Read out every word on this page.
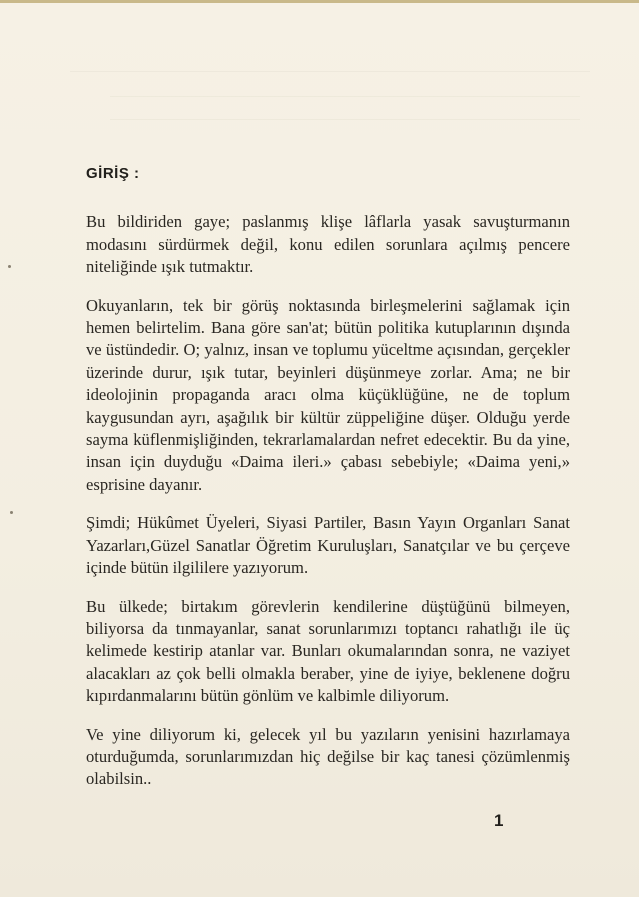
GİRİŞ :

Bu bildiriden gaye; paslanmış klişe lâflarla yasak savuşturmanın modasını sürdürmek değil, konu edilen sorunlara açılmış pencere niteliğinde ışık tutmaktır.

Okuyanların, tek bir görüş noktasında birleşmelerini sağlamak için hemen belirtelim. Bana göre san'at; bütün politika kutuplarının dışında ve üstündedir. O; yalnız, insan ve toplumu yüceltme açısından, gerçekler üzerinde durur, ışık tutar, beyinleri düşünmeye zorlar. Ama; ne bir ideolojinin propaganda aracı olma küçüklüğüne, ne de toplum kaygusundan ayrı, aşağılık bir kültür züppeliğine düşer. Olduğu yerde sayma küflenmişliğinden, tekrarlamalardan nefret edecektir. Bu da yine, insan için duyduğu «Daima ileri.» çabası sebebiyle; «Daima yeni,» esprisine dayanır.

Şimdi; Hükûmet Üyeleri, Siyasi Partiler, Basın Yayın Organları Sanat Yazarları,Güzel Sanatlar Öğretim Kuruluşları, Sanatçılar ve bu çerçeve içinde bütün ilgililere yazıyorum.

Bu ülkede; birtakım görevlerin kendilerine düştüğünü bilmeyen, biliyorsa da tınmayanlar, sanat sorunlarımızı toptancı rahatlığı ile üç kelimede kestirip atanlar var. Bunları okumalarından sonra, ne vaziyet alacakları az çok belli olmakla beraber, yine de iyiye, beklenene doğru kıpırdanmalarını bütün gönlüm ve kalbimle diliyorum.

Ve yine diliyorum ki, gelecek yıl bu yazıların yenisini hazırlamaya oturduğumda, sorunlarımızdan hiç değilse bir kaç tanesi çözümlenmiş olabilsin..

1
